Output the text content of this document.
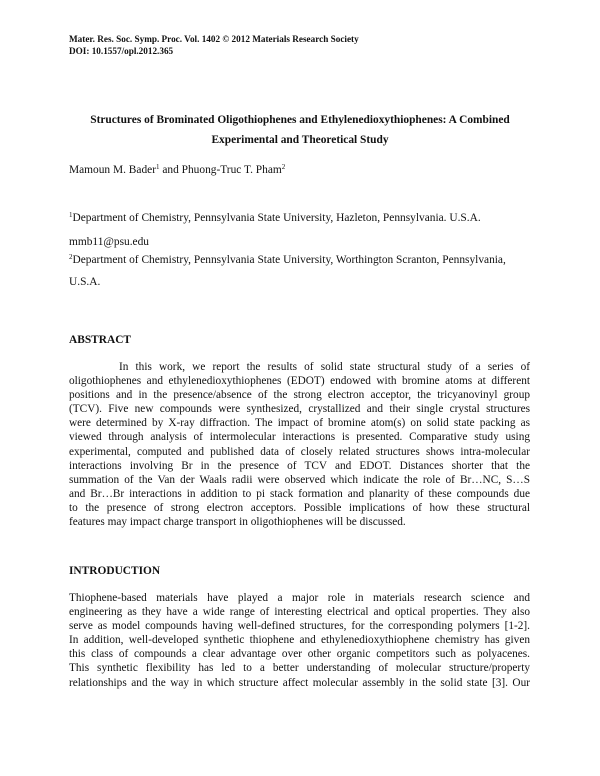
Mater. Res. Soc. Symp. Proc. Vol. 1402 © 2012 Materials Research Society
DOI: 10.1557/opl.2012.365
Structures of Brominated Oligothiophenes and Ethylenedioxythiophenes: A Combined
Experimental and Theoretical Study
Mamoun M. Bader$^1$ and Phuong-Truc T. Pham$^2$
$^1$Department of Chemistry, Pennsylvania State University, Hazleton, Pennsylvania. U.S.A.
mmb11@psu.edu
$^2$Department of Chemistry, Pennsylvania State University, Worthington Scranton, Pennsylvania,
U.S.A.
ABSTRACT
In this work, we report the results of solid state structural study of a series of
oligothiophenes and ethylenedioxythiophenes (EDOT) endowed with bromine atoms at different
positions and in the presence/absence of the strong electron acceptor, the tricyanovinyl group
(TCV). Five new compounds were synthesized, crystallized and their single crystal structures
were determined by X-ray diffraction. The impact of bromine atom(s) on solid state packing as
viewed through analysis of intermolecular interactions is presented. Comparative study using
experimental, computed and published data of closely related structures shows intra-molecular
interactions involving Br in the presence of TCV and EDOT. Distances shorter that the
summation of the Van der Waals radii were observed which indicate the role of Br…NC, S…S
and Br…Br interactions in addition to pi stack formation and planarity of these compounds due
to the presence of strong electron acceptors. Possible implications of how these structural
features may impact charge transport in oligothiophenes will be discussed.
INTRODUCTION
Thiophene-based materials have played a major role in materials research science and
engineering as they have a wide range of interesting electrical and optical properties. They also
serve as model compounds having well-defined structures, for the corresponding polymers [1-2].
In addition, well-developed synthetic thiophene and ethylenedioxythiophene chemistry has given
this class of compounds a clear advantage over other organic competitors such as polyacenes.
This synthetic flexibility has led to a better understanding of molecular structure/property
relationships and the way in which structure affect molecular assembly in the solid state [3]. Our
